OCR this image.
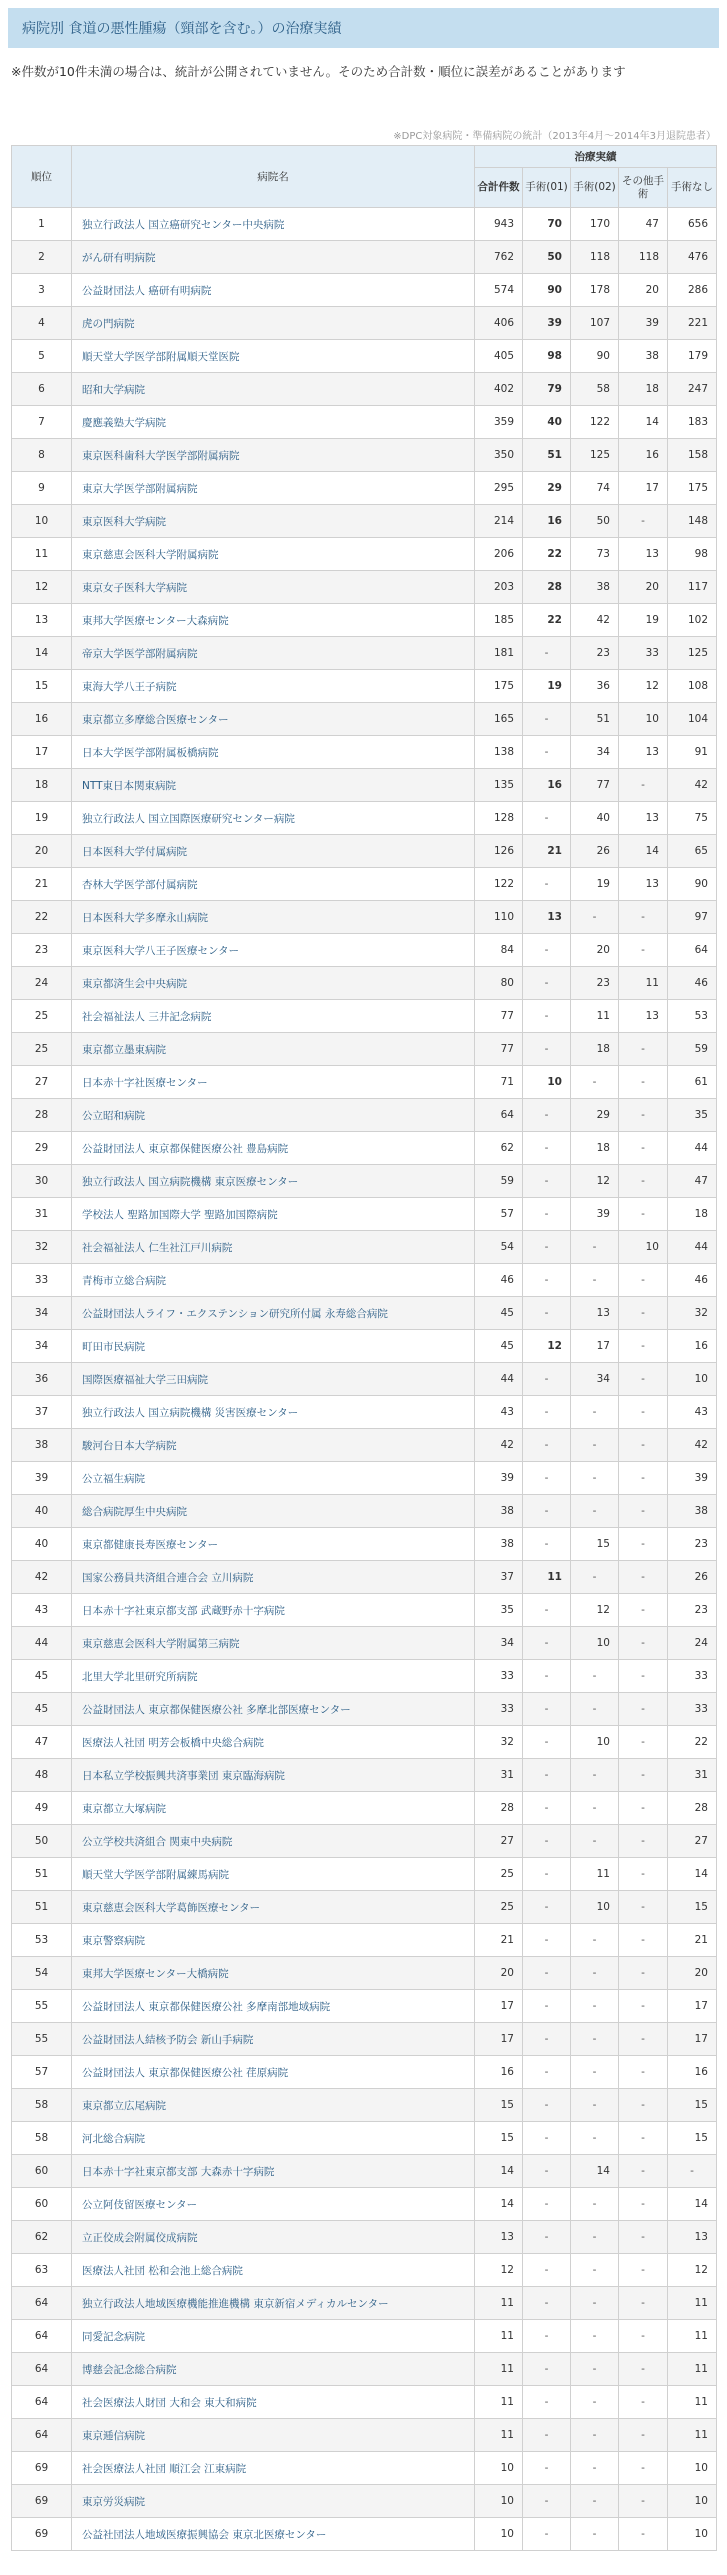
病院別 食道の悪性腫瘍（頸部を含む。）の治療実績
※件数が10件未満の場合は、統計が公開されていません。そのため合計数・順位に誤差があることがあります
※DPC対象病院・準備病院の統計（2013年4月〜2014年3月退院患者）
順位	病院名	治療実績				
		合計件数	手術(01)	手術(02)	その他手術	手術なし
1	独立行政法人 国立癌研究センター中央病院	943	70	170	47	656
2	がん研有明病院	762	50	118	118	476
3	公益財団法人 癌研有明病院	574	90	178	20	286
4	虎の門病院	406	39	107	39	221
5	順天堂大学医学部附属順天堂医院	405	98	90	38	179
6	昭和大学病院	402	79	58	18	247
7	慶應義塾大学病院	359	40	122	14	183
8	東京医科歯科大学医学部附属病院	350	51	125	16	158
9	東京大学医学部附属病院	295	29	74	17	175
10	東京医科大学病院	214	16	50	-	148
11	東京慈恵会医科大学附属病院	206	22	73	13	98
12	東京女子医科大学病院	203	28	38	20	117
13	東邦大学医療センター大森病院	185	22	42	19	102
14	帝京大学医学部附属病院	181	-	23	33	125
15	東海大学八王子病院	175	19	36	12	108
16	東京都立多摩総合医療センター	165	-	51	10	104
17	日本大学医学部附属板橋病院	138	-	34	13	91
18	NTT東日本関東病院	135	16	77	-	42
19	独立行政法人 国立国際医療研究センター病院	128	-	40	13	75
20	日本医科大学付属病院	126	21	26	14	65
21	杏林大学医学部付属病院	122	-	19	13	90
22	日本医科大学多摩永山病院	110	13	-	-	97
23	東京医科大学八王子医療センター	84	-	20	-	64
24	東京都済生会中央病院	80	-	23	11	46
25	社会福祉法人 三井記念病院	77	-	11	13	53
25	東京都立墨東病院	77	-	18	-	59
27	日本赤十字社医療センター	71	10	-	-	61
28	公立昭和病院	64	-	29	-	35
29	公益財団法人 東京都保健医療公社 豊島病院	62	-	18	-	44
30	独立行政法人 国立病院機構 東京医療センター	59	-	12	-	47
31	学校法人 聖路加国際大学 聖路加国際病院	57	-	39	-	18
32	社会福祉法人 仁生社江戸川病院	54	-	-	10	44
33	青梅市立総合病院	46	-	-	-	46
34	公益財団法人ライフ・エクステンション研究所付属 永寿総合病院	45	-	13	-	32
34	町田市民病院	45	12	17	-	16
36	国際医療福祉大学三田病院	44	-	34	-	10
37	独立行政法人 国立病院機構 災害医療センター	43	-	-	-	43
38	駿河台日本大学病院	42	-	-	-	42
39	公立福生病院	39	-	-	-	39
40	総合病院厚生中央病院	38	-	-	-	38
40	東京都健康長寿医療センター	38	-	15	-	23
42	国家公務員共済組合連合会 立川病院	37	11	-	-	26
43	日本赤十字社東京都支部 武蔵野赤十字病院	35	-	12	-	23
44	東京慈恵会医科大学附属第三病院	34	-	10	-	24
45	北里大学北里研究所病院	33	-	-	-	33
45	公益財団法人 東京都保健医療公社 多摩北部医療センター	33	-	-	-	33
47	医療法人社団 明芳会板橋中央総合病院	32	-	10	-	22
48	日本私立学校振興共済事業団 東京臨海病院	31	-	-	-	31
49	東京都立大塚病院	28	-	-	-	28
50	公立学校共済組合 関東中央病院	27	-	-	-	27
51	順天堂大学医学部附属練馬病院	25	-	11	-	14
51	東京慈恵会医科大学葛飾医療センター	25	-	10	-	15
53	東京警察病院	21	-	-	-	21
54	東邦大学医療センター大橋病院	20	-	-	-	20
55	公益財団法人 東京都保健医療公社 多摩南部地域病院	17	-	-	-	17
55	公益財団法人結核予防会 新山手病院	17	-	-	-	17
57	公益財団法人 東京都保健医療公社 荏原病院	16	-	-	-	16
58	東京都立広尾病院	15	-	-	-	15
58	河北総合病院	15	-	-	-	15
60	日本赤十字社東京都支部 大森赤十字病院	14	-	14	-	-
60	公立阿伎留医療センター	14	-	-	-	14
62	立正佼成会附属佼成病院	13	-	-	-	13
63	医療法人社団 松和会池上総合病院	12	-	-	-	12
64	独立行政法人地域医療機能推進機構 東京新宿メディカルセンター	11	-	-	-	11
64	同愛記念病院	11	-	-	-	11
64	博慈会記念総合病院	11	-	-	-	11
64	社会医療法人財団 大和会 東大和病院	11	-	-	-	11
64	東京逓信病院	11	-	-	-	11
69	社会医療法人社団 順江会 江東病院	10	-	-	-	10
69	東京労災病院	10	-	-	-	10
69	公益社団法人地域医療振興協会 東京北医療センター	10	-	-	-	10
